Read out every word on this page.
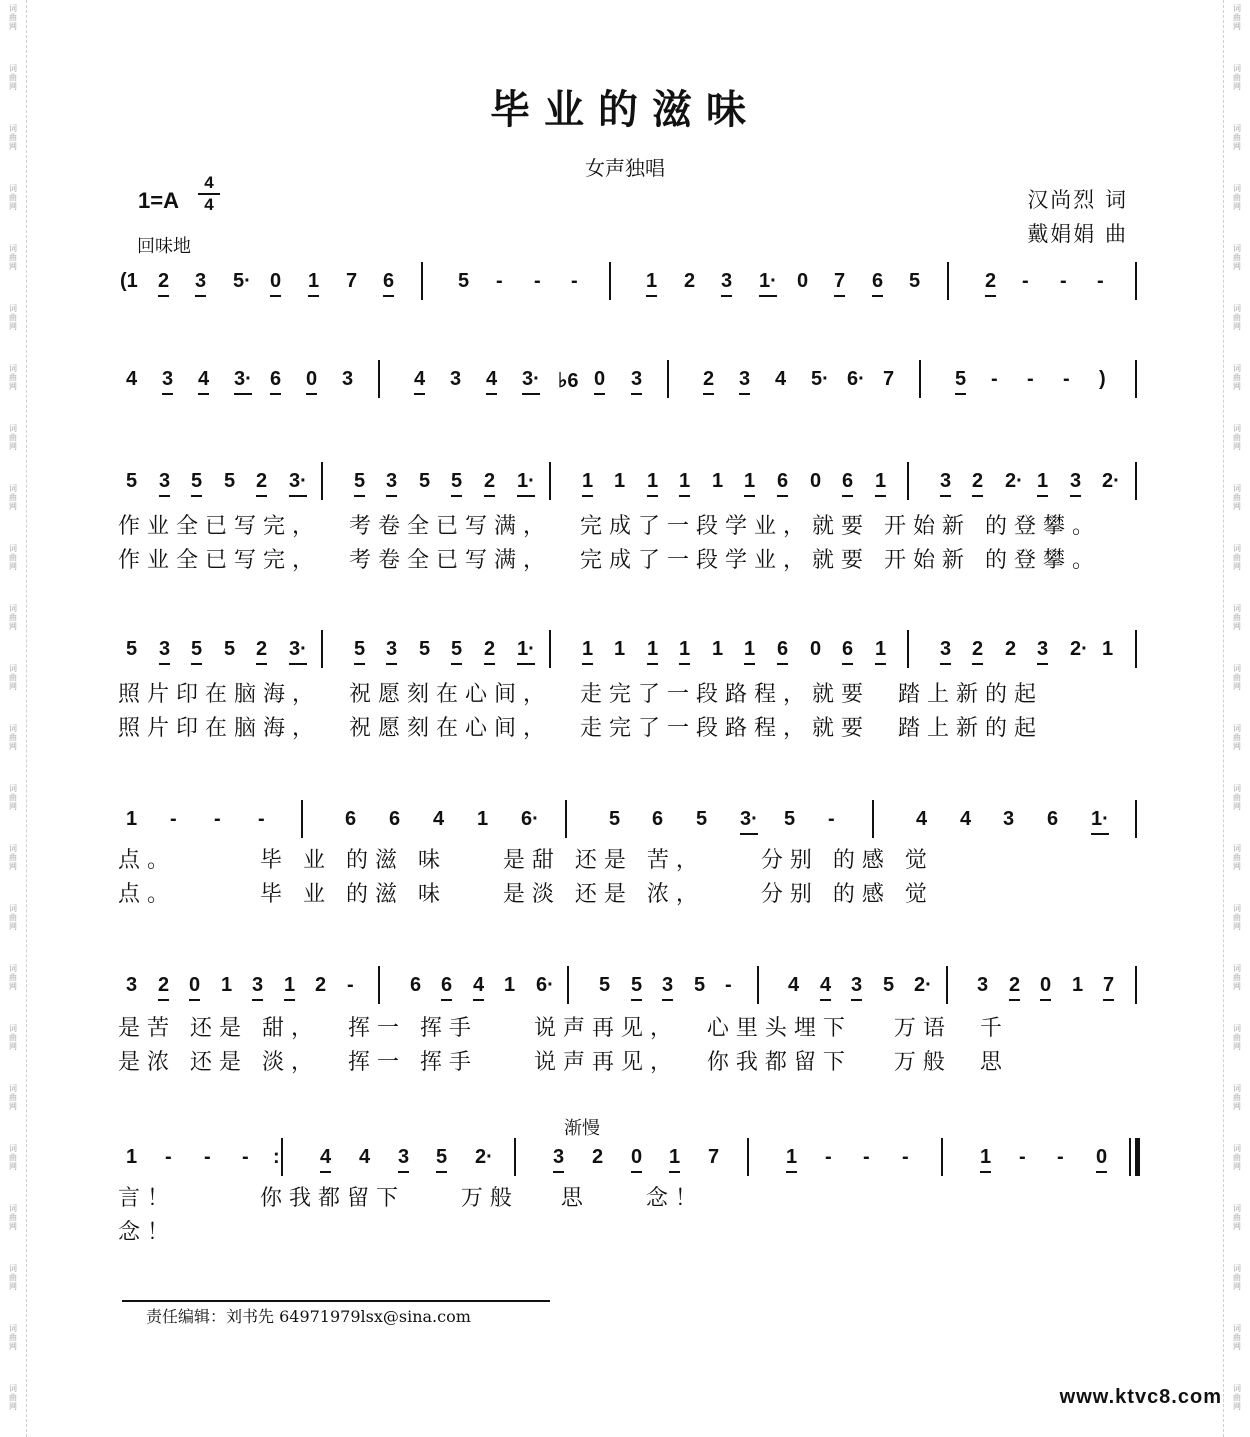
毕业的滋味
女声独唱
1=A
4
4
回味地
汉尚烈 词
戴娟娟 曲
(1 2 3 5· 0 1 7 6	5 - - -	1 2 3 1· 0 7 6 5	2 - - -
4 3 4 3· 6 0 3	4 3 4 3· ♭6 0 3	2 3 4 5· 6· 7	5 - - - )
5 3 5 5 2 3· 5 3 5 5 2 1· 1 1 1 1 1 1 6 0 6 1	3 2 2· 1 3 2·
5 3 5 5 2 3· 5 3 5 5 2 1· 1 1 1 1 1 1 6 0 6 1	3 2 2 3 2· 1
1 - - -	6 6 4 1 6·	5 6 5 3· 5 -	4 4 3 6 1·
3 2 0 1 3 1 2 -	6 6 4 1 6· 5 5 3 5 -	4 4 3 5 2· 3 2 0 1 7
1 - - - : 4 4 3 5 2·	3 2 0 1 7	1 - - -	1 - - 0
作业全已写完，  考卷全已写满，  完成了一段学业，就要 开始新 的登攀。
作业全已写完，  考卷全已写满，  完成了一段学业，就要 开始新 的登攀。
照片印在脑海，  祝愿刻在心间，  走完了一段路程，就要  踏上新的起
照片印在脑海，  祝愿刻在心间，  走完了一段路程，就要  踏上新的起
点。      毕 业 的滋 味    是甜 还是 苦，    分别 的感 觉
点。      毕 业 的滋 味    是淡 还是 浓，    分别 的感 觉
是苦 还是 甜，  挥一 挥手    说声再见，  心里头埋下   万语  千
是浓 还是 淡，  挥一 挥手    说声再见，  你我都留下   万般  思
言！      你我都留下    万般   思    念！
念！
渐慢
责任编辑：刘书先 64971979lsx@sina.com
www.ktvc8.com
词
曲
网
词
曲
网
词
曲
网
词
曲
网
词
曲
网
词
曲
网
词
曲
网
词
曲
网
词
曲
网
词
曲
网
词
曲
网
词
曲
网
词
曲
网
词
曲
网
词
曲
网
词
曲
网
词
曲
网
词
曲
网
词
曲
网
词
曲
网
词
曲
网
词
曲
网
词
曲
网
词
曲
网
词
曲
网
词
曲
网
词
曲
网
词
曲
网
词
曲
网
词
曲
网
词
曲
网
词
曲
网
词
曲
网
词
曲
网
词
曲
网
词
曲
网
词
曲
网
词
曲
网
词
曲
网
词
曲
网
词
曲
网
词
曲
网
词
曲
网
词
曲
网
词
曲
网
词
曲
网
词
曲
网
词
曲
网
